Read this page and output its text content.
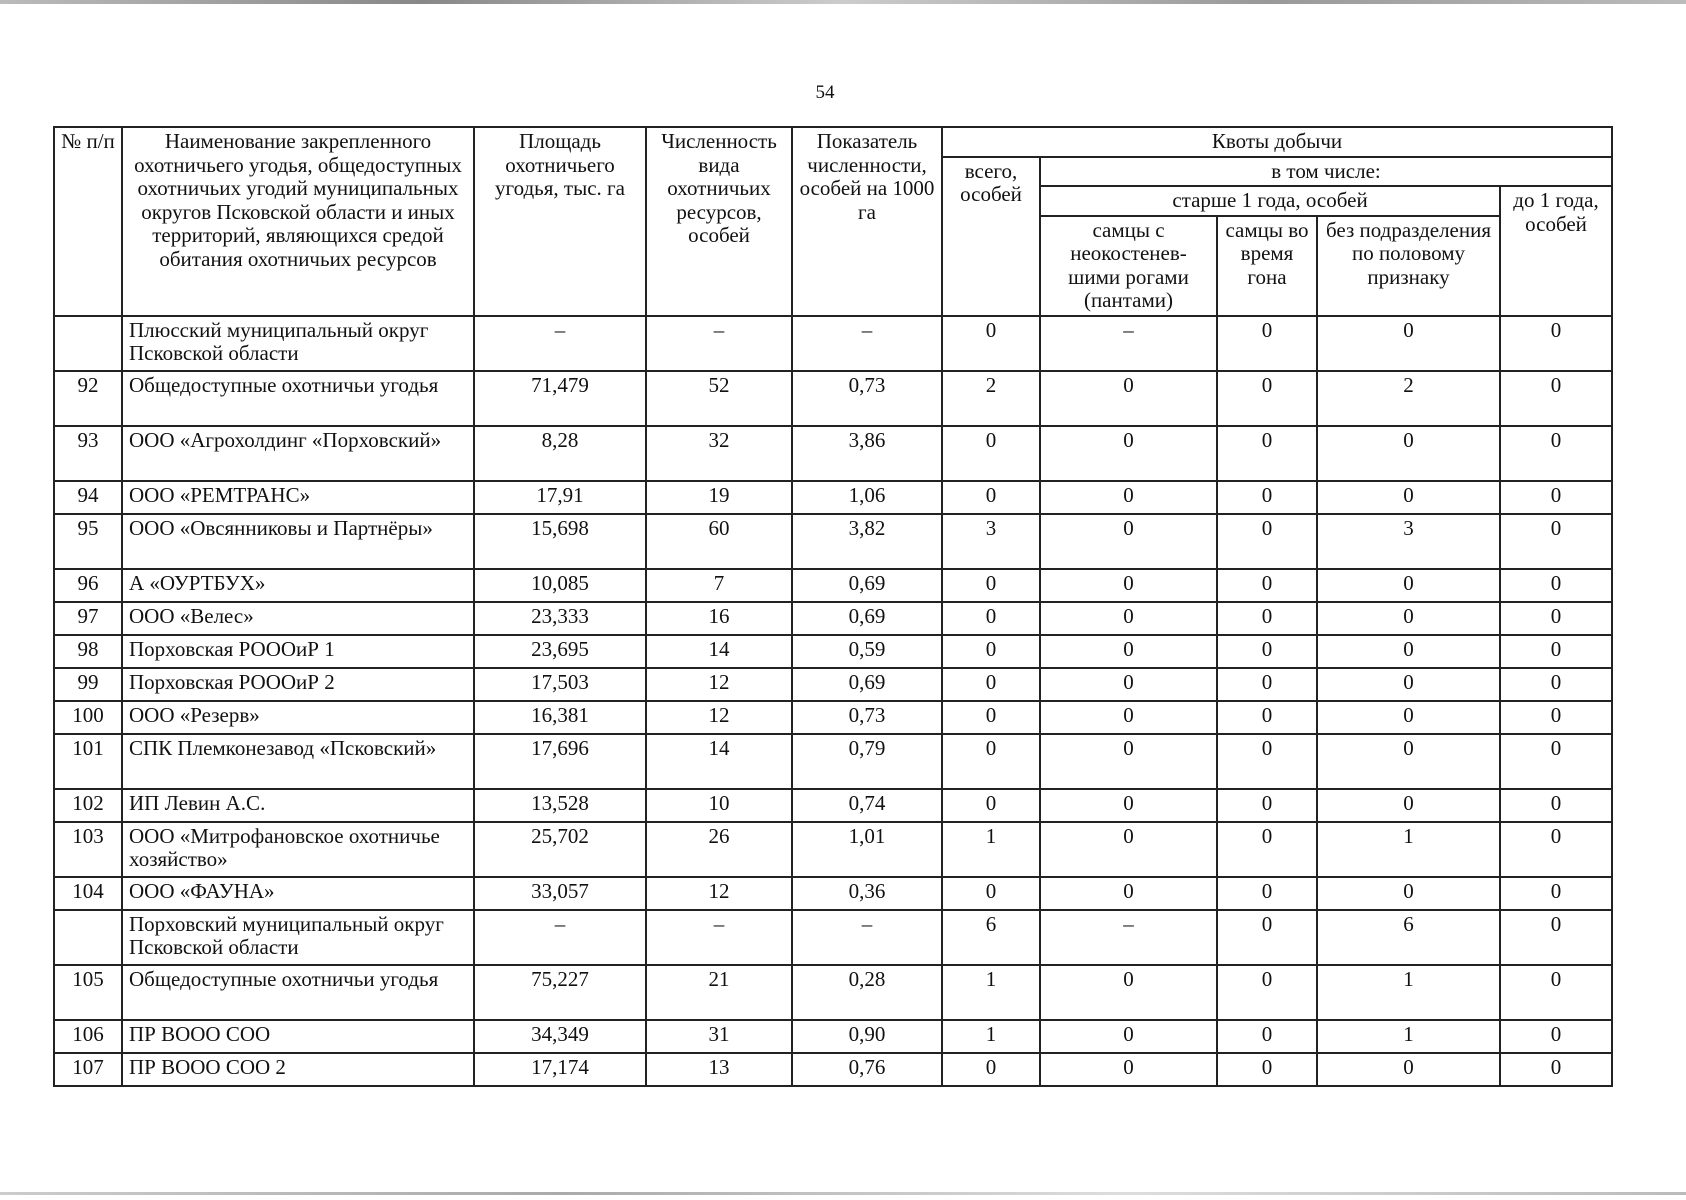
54
№ п/п	Наименование закрепленного охотничьего угодья, общедоступных охотничьих угодий муниципальных округов Псковской области и иных территорий, являющихся средой обитания охотничьих ресурсов	Площадь охотничьего угодья, тыс. га	Численность вида охотничьих ресурсов, особей	Показатель численности, особей на 1000 га	Квоты добычи				
					всего, особей	в том числе:			
						старше 1 года, особей			до 1 года, особей
						самцы с неокостенев-шими рогами (пантами)	самцы во время гона	без подразделения по половому признаку	
	Плюсский муниципальный округ Псковской области	–	–	–	0	–	0	0	0
92	Общедоступные охотничьи угодья	71,479	52	0,73	2	0	0	2	0
93	ООО «Агрохолдинг «Порховский»	8,28	32	3,86	0	0	0	0	0
94	ООО «РЕМТРАНС»	17,91	19	1,06	0	0	0	0	0
95	ООО «Овсянниковы и Партнёры»	15,698	60	3,82	3	0	0	3	0
96	А «ОУРТБУХ»	10,085	7	0,69	0	0	0	0	0
97	ООО «Велес»	23,333	16	0,69	0	0	0	0	0
98	Порховская РОООиР 1	23,695	14	0,59	0	0	0	0	0
99	Порховская РОООиР 2	17,503	12	0,69	0	0	0	0	0
100	ООО «Резерв»	16,381	12	0,73	0	0	0	0	0
101	СПК Племконезавод «Псковский»	17,696	14	0,79	0	0	0	0	0
102	ИП Левин А.С.	13,528	10	0,74	0	0	0	0	0
103	ООО «Митрофановское охотничье хозяйство»	25,702	26	1,01	1	0	0	1	0
104	ООО «ФАУНА»	33,057	12	0,36	0	0	0	0	0
	Порховский муниципальный округ Псковской области	–	–	–	6	–	0	6	0
105	Общедоступные охотничьи угодья	75,227	21	0,28	1	0	0	1	0
106	ПР ВООО СОО	34,349	31	0,90	1	0	0	1	0
107	ПР ВООО СОО 2	17,174	13	0,76	0	0	0	0	0
